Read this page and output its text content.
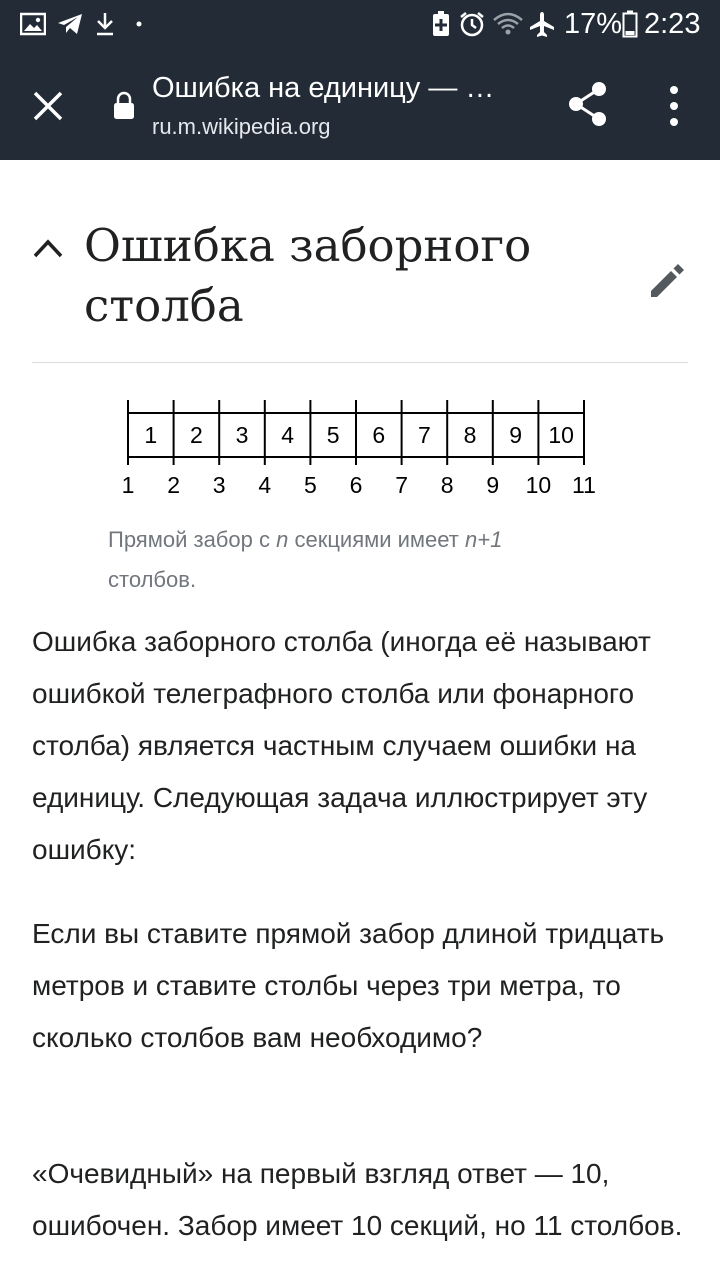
17% 2:23
Ошибка на единицу — …
ru.m.wikipedia.org
Ошибка заборного
столба
1 2 3 4 5 6 7 8 9 10 11
1 2 3 4 5 6 7 8 9 10
Прямой забор с n секциями имеет n+1
столбов.
Ошибка заборного столба (иногда её называют ошибкой телеграфного столба или фонарного столба) является частным случаем ошибки на единицу. Следующая задача иллюстрирует эту ошибку:
Если вы ставите прямой забор длиной тридцать метров и ставите столбы через три метра, то сколько столбов вам необходимо?
«Очевидный» на первый взгляд ответ — 10, ошибочен. Забор имеет 10 секций, но 11 столбов.
